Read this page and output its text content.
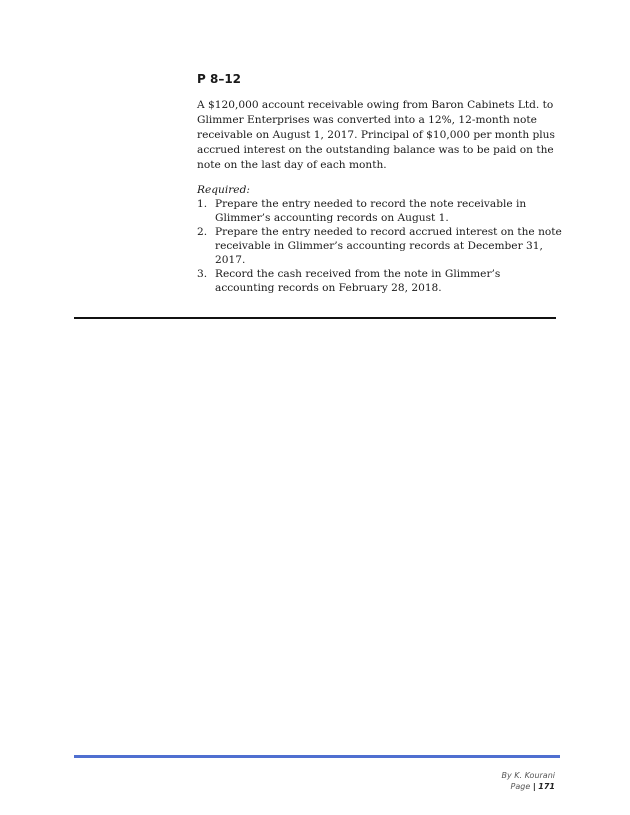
P 8–12

A $120,000 account receivable owing from Baron Cabinets Ltd. to Glimmer Enterprises was converted into a 12%, 12-month note receivable on August 1, 2017. Principal of $10,000 per month plus accrued interest on the outstanding balance was to be paid on the note on the last day of each month.

Required:

1. Prepare the entry needed to record the note receivable in Glimmer’s accounting records on August 1.
2. Prepare the entry needed to record accrued interest on the note receivable in Glimmer’s accounting records at December 31, 2017.
3. Record the cash received from the note in Glimmer’s accounting records on February 28, 2018.
By K. Kourani
Page | 171
